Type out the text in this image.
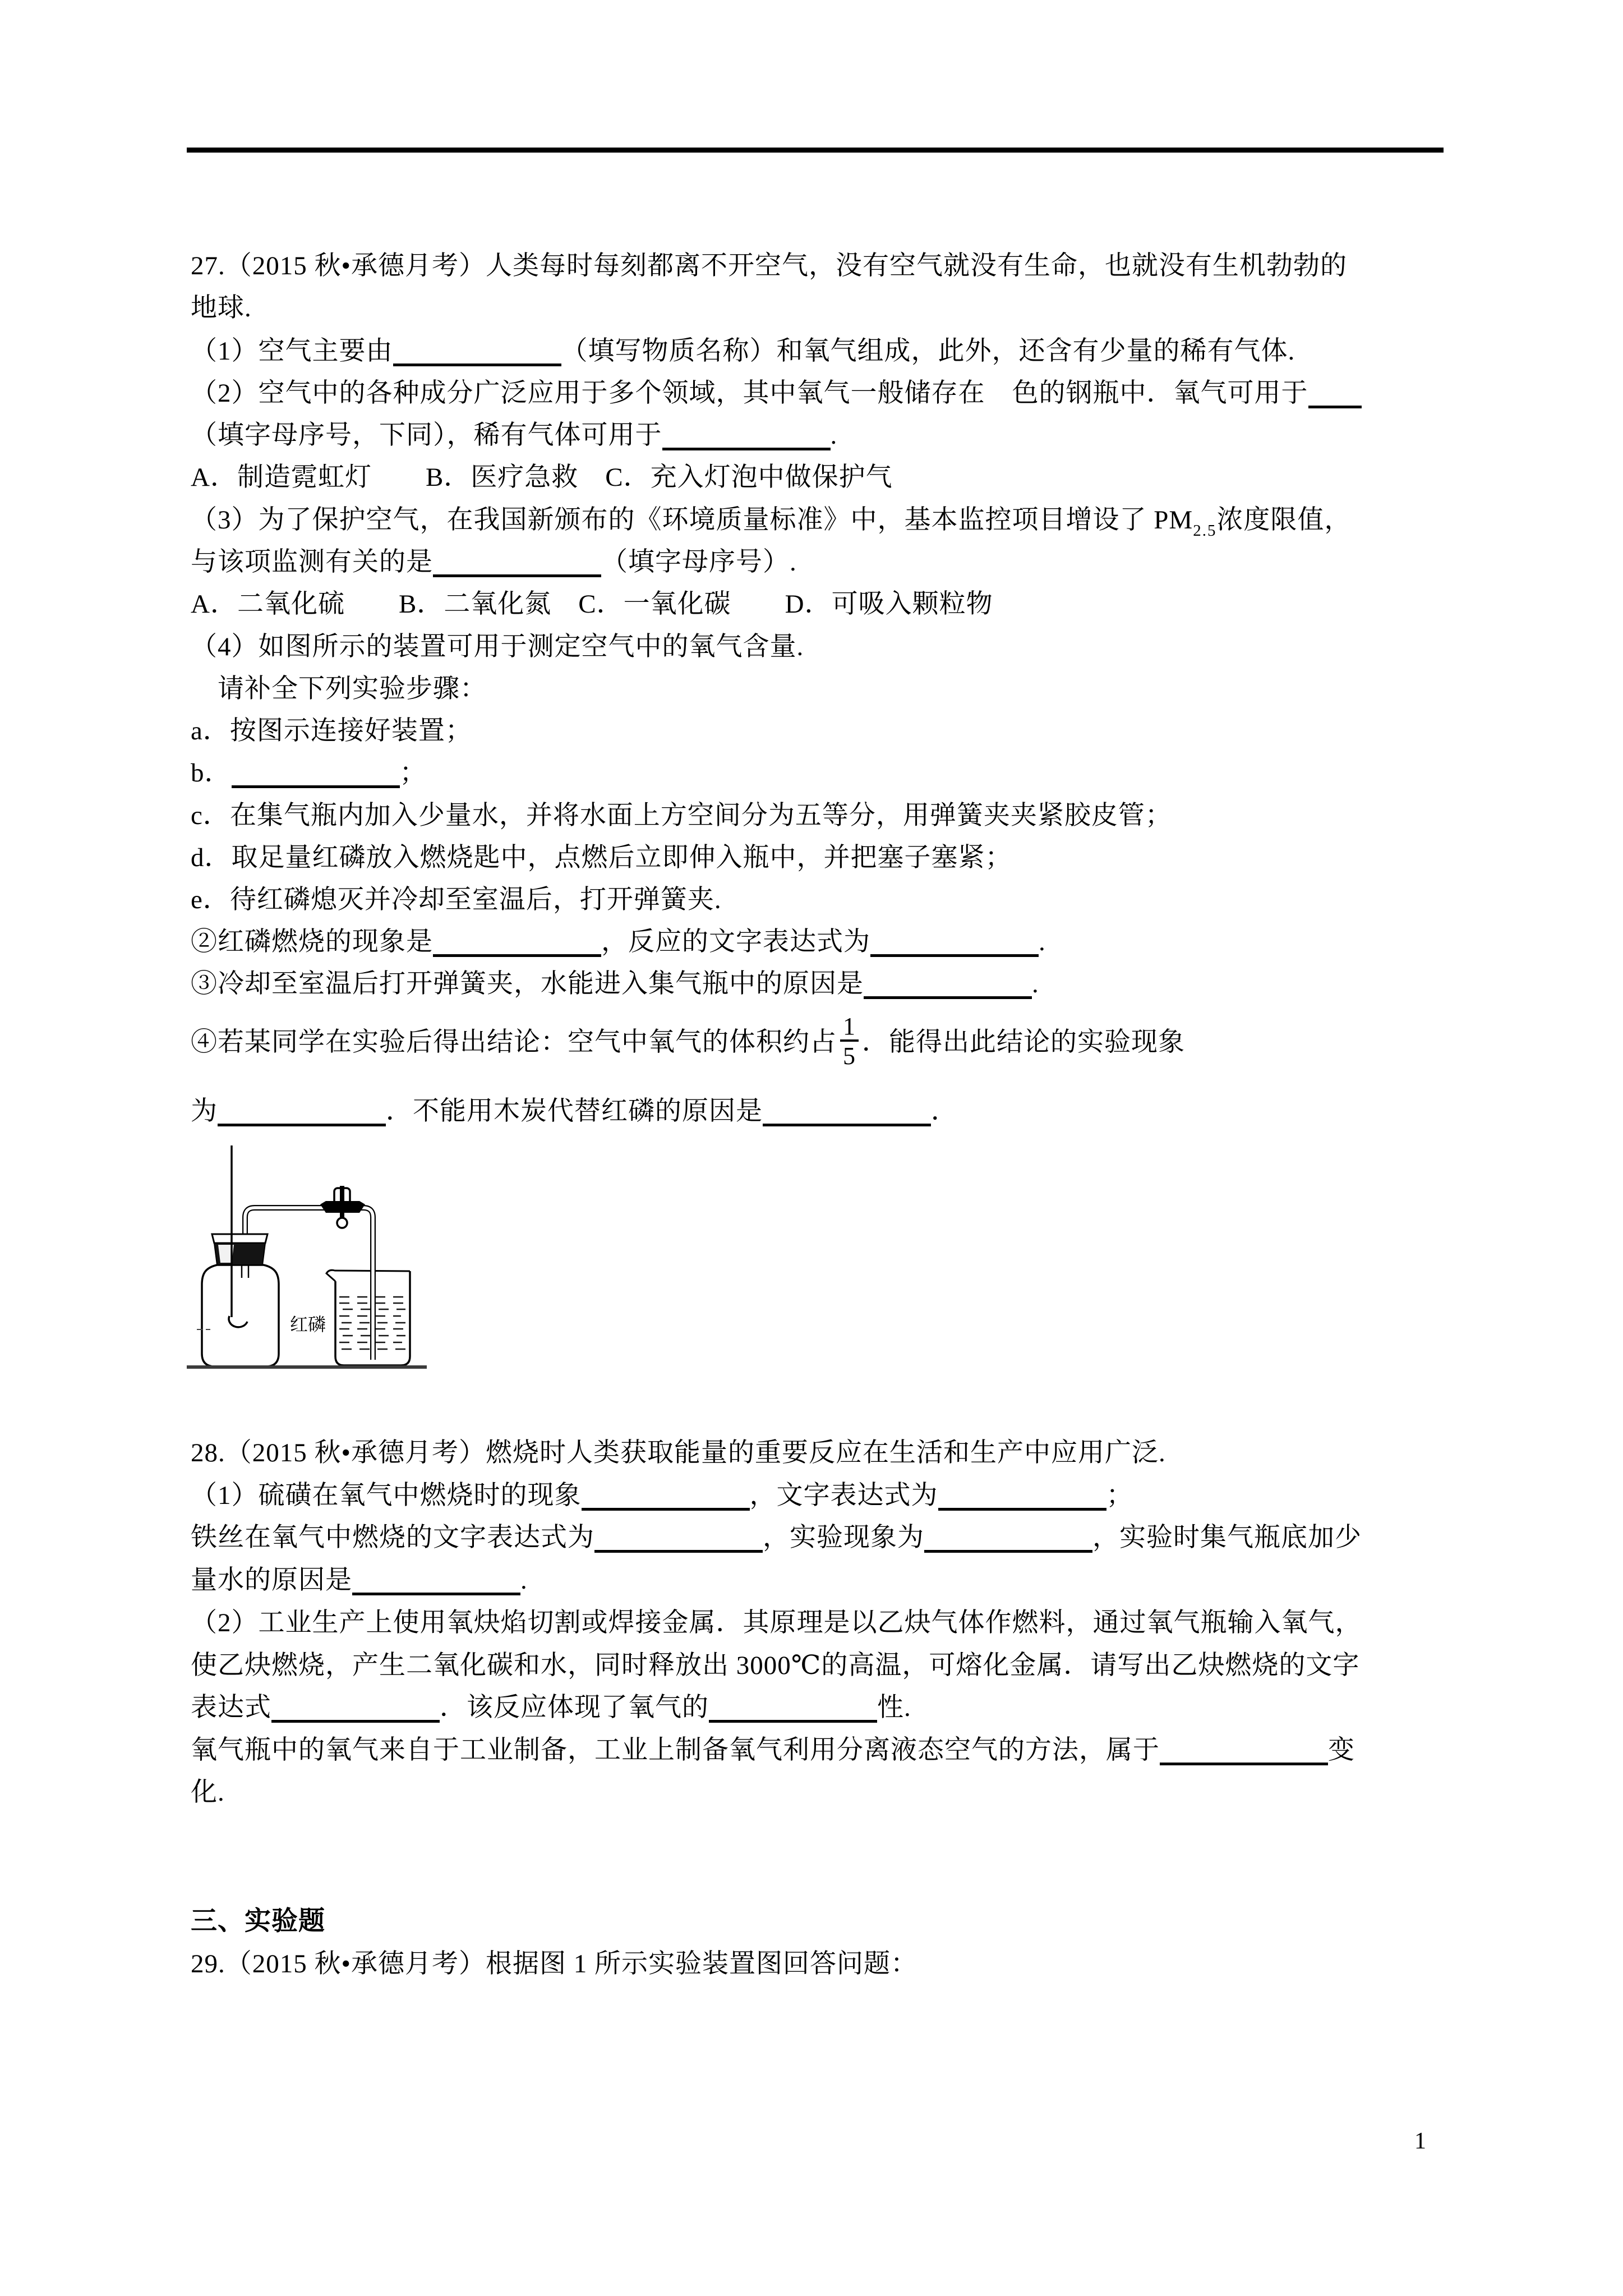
27.（2015 秋•承德月考）人类每时每刻都离不开空气，没有空气就没有生命，也就没有生机勃勃的
地球.
（1）空气主要由	（填写物质名称）和氧气组成，此外，还含有少量的稀有气体.
（2）空气中的各种成分广泛应用于多个领域，其中氧气一般储存在　色的钢瓶中．氧气可用于
（填字母序号，下同），稀有气体可用于	.
A．制造霓虹灯　　B．医疗急救　C．充入灯泡中做保护气
（3）为了保护空气，在我国新颁布的《环境质量标准》中，基本监控项目增设了 $PM_{2.5}$浓度限值，
与该项监测有关的是	（填字母序号）.
A．二氧化硫　　B．二氧化氮　C．一氧化碳　　D．可吸入颗粒物
（4）如图所示的装置可用于测定空气中的氧气含量.
　请补全下列实验步骤：
a．按图示连接好装置；
b．	；
c．在集气瓶内加入少量水，并将水面上方空间分为五等分，用弹簧夹夹紧胶皮管；
d．取足量红磷放入燃烧匙中，点燃后立即伸入瓶中，并把塞子塞紧；
e．待红磷熄灭并冷却至室温后，打开弹簧夹.
②红磷燃烧的现象是	，反应的文字表达式为	.
③冷却至室温后打开弹簧夹，水能进入集气瓶中的原因是	.
④若某同学在实验后得出结论：空气中氧气的体积约占 $\frac{1}{5}$ ．能得出此结论的实验现象
为	．不能用木炭代替红磷的原因是	．
红磷
28.（2015 秋•承德月考）燃烧时人类获取能量的重要反应在生活和生产中应用广泛.
（1）硫磺在氧气中燃烧时的现象	，文字表达式为	；
铁丝在氧气中燃烧的文字表达式为	，实验现象为	，实验时集气瓶底加少
量水的原因是	.
（2）工业生产上使用氧炔焰切割或焊接金属．其原理是以乙炔气体作燃料，通过氧气瓶输入氧气，
使乙炔燃烧，产生二氧化碳和水，同时释放出 3000℃的高温，可熔化金属．请写出乙炔燃烧的文字
表达式	．该反应体现了氧气的	性.
氧气瓶中的氧气来自于工业制备，工业上制备氧气利用分离液态空气的方法，属于	变
化.
三、实验题
29.（2015 秋•承德月考）根据图 1 所示实验装置图回答问题：
1
